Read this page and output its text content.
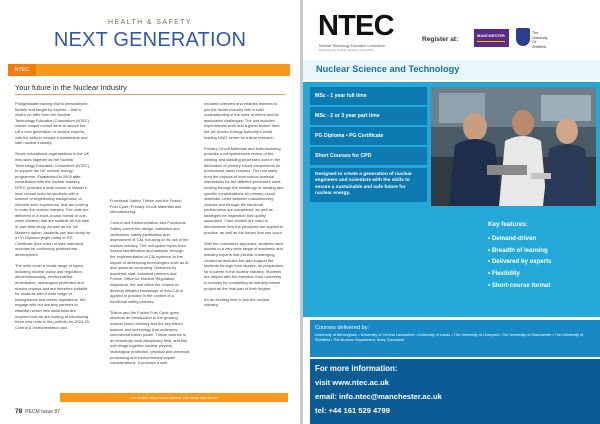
HEALTH & SAFETY
NEXT GENERATION
NTEC
Your future in the Nuclear Industry

Postgraduate training that is personalised, flexible and taught by experts – that is what's on offer from the Nuclear Technology Education Consortium (NTEC), whose unique course aims to secure the UK's next generation of nuclear experts, with the skills to secure a sustainable and safe nuclear industry.

Seven educational organisations in the UK who work together as the Nuclear Technology Education Consortium (NTEC), to support the UK nuclear energy programme. Established in 2005 after consultation with the nuclear industry, NTEC provides a wide choice of Master's level course units for students with a science or engineering background, or relevant work experience, that are looking to enter the nuclear industry. The units are delivered in a short-course format of one-week duration that are suitable for full-time or part-time study. As well as the full Master's option, students can also study for a PG Diploma (eight units) or PG Certificate (four units) or take individual modules for continuing professional development.

The units cover a broad range of topics including nuclear policy and regulation, decommissioning, environmental remediation, radiological protection and reactor physics and are therefore suitable for students with a wide range of backgrounds and career aspirations. We engage with our industry partners to establish which new skills/units are required and we are looking at introducing three new units in the portfolio for 2024-25: Control & Instrumentation and

Functional Safety; Tritium and the Fusion Fuel Cycle; Primary Circuit Materials and Manufacturing.

Control and Instrumentation and Functional Safety covers the design, validation and verification, safety justification and assessment of C&I, focusing on its use in the nuclear industry. The unit spans topics from hazard identification and analysis, through the implementation of C&I systems, to the impact of developing technologies such as AI and quantum computing. Delivered by academic staff, industrial partners and Former Office for Nuclear Regulation inspectors, the unit offers the chance to develop detailed knowledge of how C&I is applied in practice in the context of a functional safety process.

Tritium and the Fusion Fuel Cycle gives students an introduction to the growing nuclear fusion industry and the key tritium science and technology that underpins commercial fusion power. Tritium science is an inherently multi-disciplinary field, and this unit brings together nuclear physics, radiological protection, physical and chemical processing and environmental impact considerations. It provides a well-

rounded overview and enables learners to join the fusion industry with a solid understanding of the roles of tritium and its associated challenges. The unit includes experimental work and a guest lecture from the UK Atomic Energy Authority's world leading H3AT centre for tritium research.

Primary Circuit Materials and Manufacturing provides a comprehensive review of the welding and cladding processes used in the fabrication of primary circuit components for pressurised water reactors. The unit starts from the physics of heat source-material interactions for the different processes used, moving through the metallurgy of welding and specific considerations for primary circuit materials. Links between manufacturing choices and through-life structural performance are considered, as well as strategies for inspection and quality assurance. Case studies are used to demonstrate how the principles are applied in practice, as well as the issues that can occur.

With the consortium approach, students have access to a very wide range of academic and industry experts that provide challenging vocational modules but also support the students through their studies, as preparation for a career in the nuclear industry. Students are helped with the transition from university to industry by completing an industry-based project as the final part of their degree.

It's an exciting time to join the nuclear industry.

For further information please visit www.ntec.ac.uk
78 PECM Issue 87
NTEC
Nuclear Technology Education Consortium
Delivering the nuclear workforce since 2005
Register at:	MANCHESTER
The
University
Of
Sheffield.
Nuclear Science and Technology
MSc - 1 year full time
MSc - 2 or 3 year part time
PG Diploma • PG Certificate
Short Courses for CPD
Designed to create a generation of nuclear engineers and scientists with the skills to secure a sustainable and safe future for nuclear energy.
Key features:
• Demand-driven
• Breadth of learning
• Delivered by experts
• Flexibility
• Short-course format
Courses delivered by:
University of Birmingham • University of Central Lancashire • University of Leeds • The University of Liverpool • The University of Manchester • The University of Sheffield • The Nuclear Department, Navy Command
For more information:
visit www.ntec.ac.uk
email: info.ntec@manchester.ac.uk
tel: +44 161 529 4799
